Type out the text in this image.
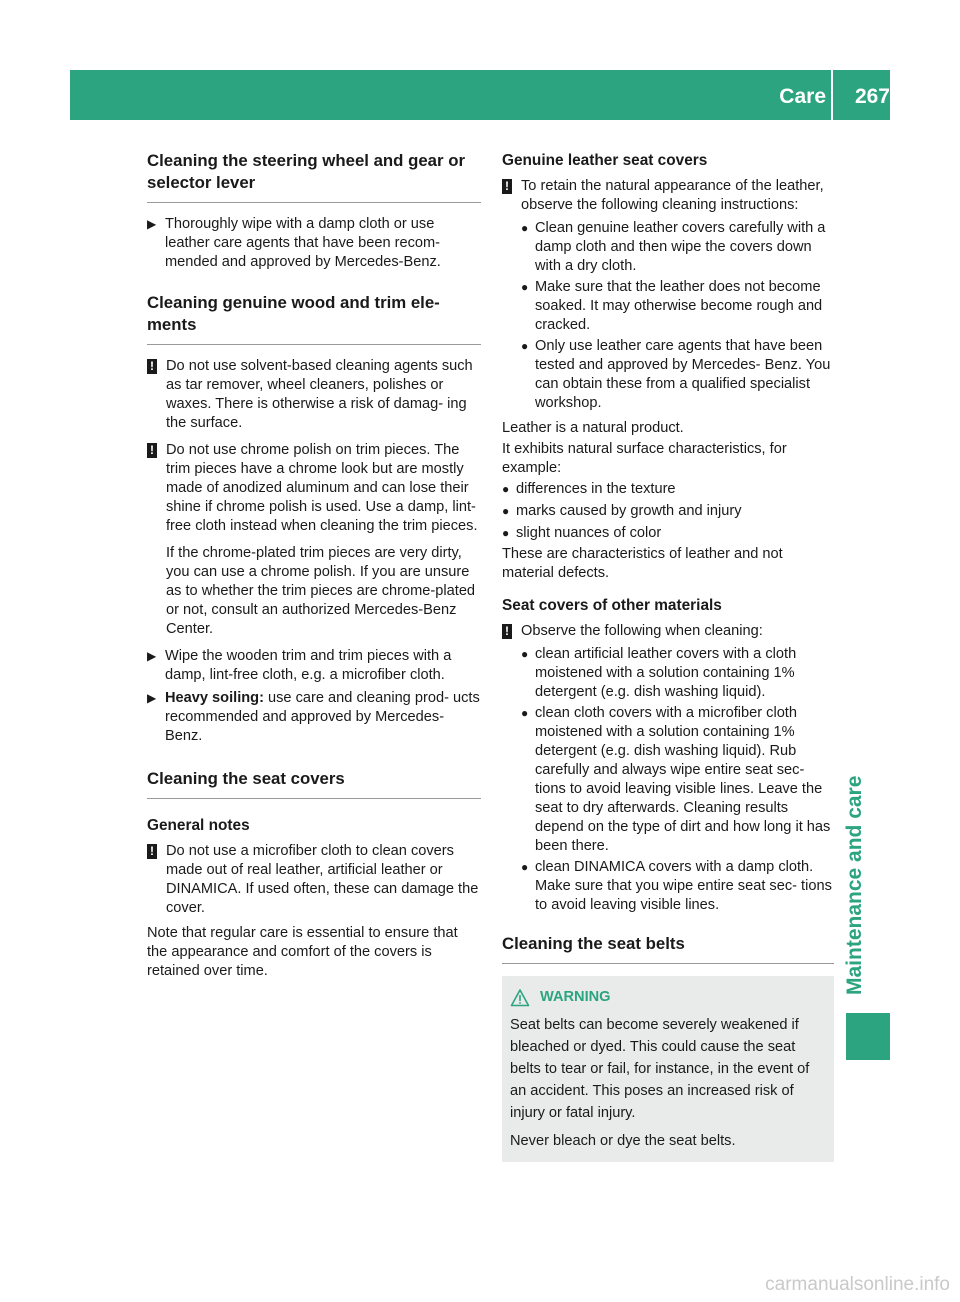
Care	267
Maintenance and care
Cleaning the steering wheel and gear or selector lever
▶ Thoroughly wipe with a damp cloth or use leather care agents that have been recom- mended and approved by Mercedes-Benz.

Cleaning genuine wood and trim ele- ments
! Do not use solvent-based cleaning agents such as tar remover, wheel cleaners, polishes or waxes. There is otherwise a risk of damag- ing the surface.

! Do not use chrome polish on trim pieces. The trim pieces have a chrome look but are mostly made of anodized aluminum and can lose their shine if chrome polish is used. Use a damp, lint-free cloth instead when cleaning the trim pieces.

If the chrome-plated trim pieces are very dirty, you can use a chrome polish. If you are unsure as to whether the trim pieces are chrome-plated or not, consult an authorized Mercedes-Benz Center.

▶ Wipe the wooden trim and trim pieces with a damp, lint-free cloth, e.g. a microfiber cloth.

▶ Heavy soiling: use care and cleaning prod- ucts recommended and approved by Mercedes-Benz.

Cleaning the seat covers
General notes
! Do not use a microfiber cloth to clean covers made out of real leather, artificial leather or DINAMICA. If used often, these can damage the cover.

Note that regular care is essential to ensure that the appearance and comfort of the covers is retained over time.

Genuine leather seat covers
! To retain the natural appearance of the leather, observe the following cleaning instructions:

● Clean genuine leather covers carefully with a damp cloth and then wipe the covers down with a dry cloth.

● Make sure that the leather does not become soaked. It may otherwise become rough and cracked.

● Only use leather care agents that have been tested and approved by Mercedes- Benz. You can obtain these from a qualified specialist workshop.

Leather is a natural product.

It exhibits natural surface characteristics, for example:

● differences in the texture

● marks caused by growth and injury

● slight nuances of color

These are characteristics of leather and not material defects.

Seat covers of other materials
! Observe the following when cleaning:

● clean artificial leather covers with a cloth moistened with a solution containing 1% detergent (e.g. dish washing liquid).

● clean cloth covers with a microfiber cloth moistened with a solution containing 1% detergent (e.g. dish washing liquid). Rub carefully and always wipe entire seat sec- tions to avoid leaving visible lines. Leave the seat to dry afterwards. Cleaning results depend on the type of dirt and how long it has been there.

● clean DINAMICA covers with a damp cloth. Make sure that you wipe entire seat sec- tions to avoid leaving visible lines.

Cleaning the seat belts
WARNING

Seat belts can become severely weakened if bleached or dyed. This could cause the seat belts to tear or fail, for instance, in the event of an accident. This poses an increased risk of injury or fatal injury.

Never bleach or dye the seat belts.

carmanualsonline.info
